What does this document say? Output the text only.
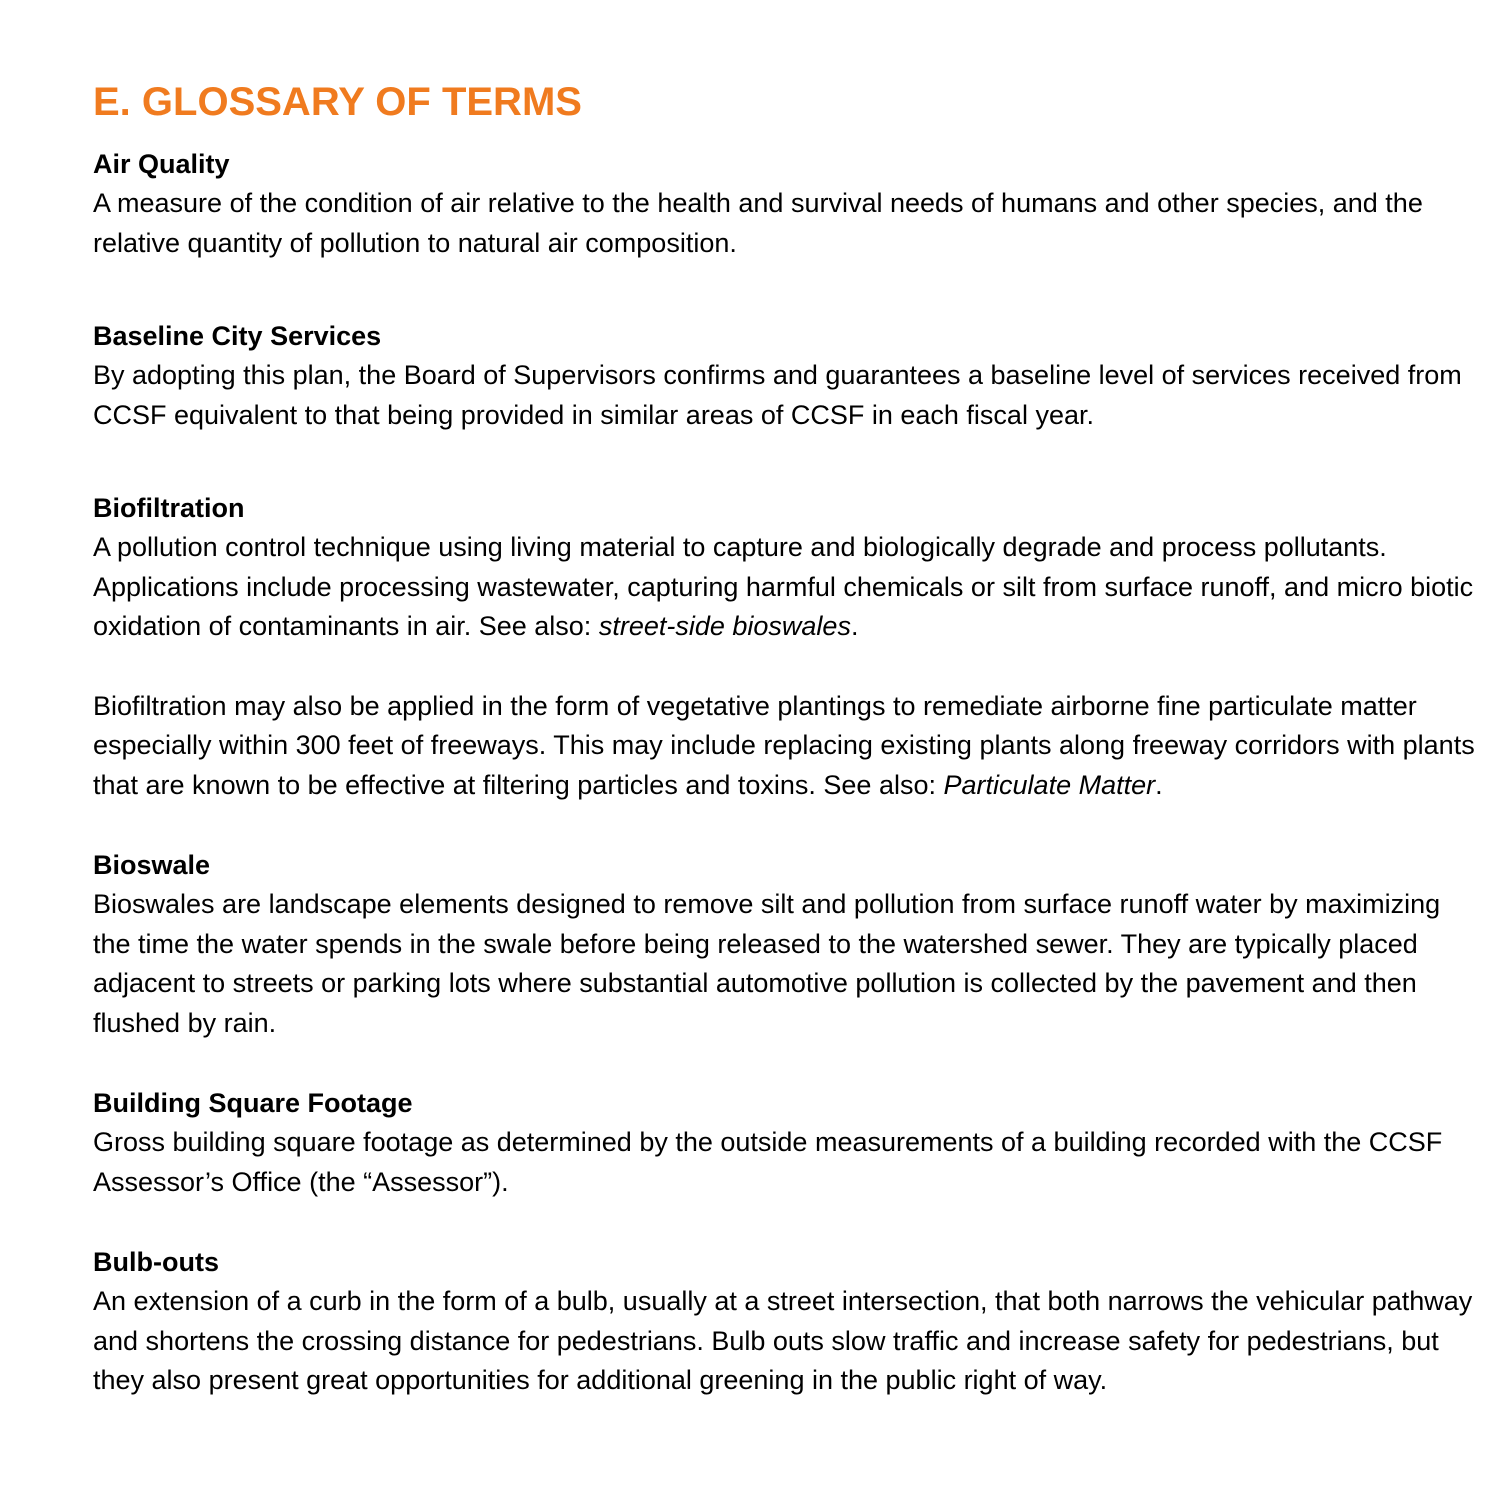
E. GLOSSARY OF TERMS

Air Quality

A measure of the condition of air relative to the health and survival needs of humans and other species, and the relative quantity of pollution to natural air composition.

Baseline City Services

By adopting this plan, the Board of Supervisors confirms and guarantees a baseline level of services received from CCSF equivalent to that being provided in similar areas of CCSF in each fiscal year.

Biofiltration

A pollution control technique using living material to capture and biologically degrade and process pollutants. Applications include processing wastewater, capturing harmful chemicals or silt from surface runoff, and micro biotic oxidation of contaminants in air. See also: street-side bioswales.

Biofiltration may also be applied in the form of vegetative plantings to remediate airborne fine particulate matter especially within 300 feet of freeways. This may include replacing existing plants along freeway corridors with plants that are known to be effective at filtering particles and toxins. See also: Particulate Matter.

Bioswale

Bioswales are landscape elements designed to remove silt and pollution from surface runoff water by maximizing the time the water spends in the swale before being released to the watershed sewer. They are typically placed adjacent to streets or parking lots where substantial automotive pollution is collected by the pavement and then flushed by rain.

Building Square Footage

Gross building square footage as determined by the outside measurements of a building recorded with the CCSF Assessor’s Office (the “Assessor”).

Bulb-outs

An extension of a curb in the form of a bulb, usually at a street intersection, that both narrows the vehicular pathway and shortens the crossing distance for pedestrians. Bulb outs slow traffic and increase safety for pedestrians, but they also present great opportunities for additional greening in the public right of way.
